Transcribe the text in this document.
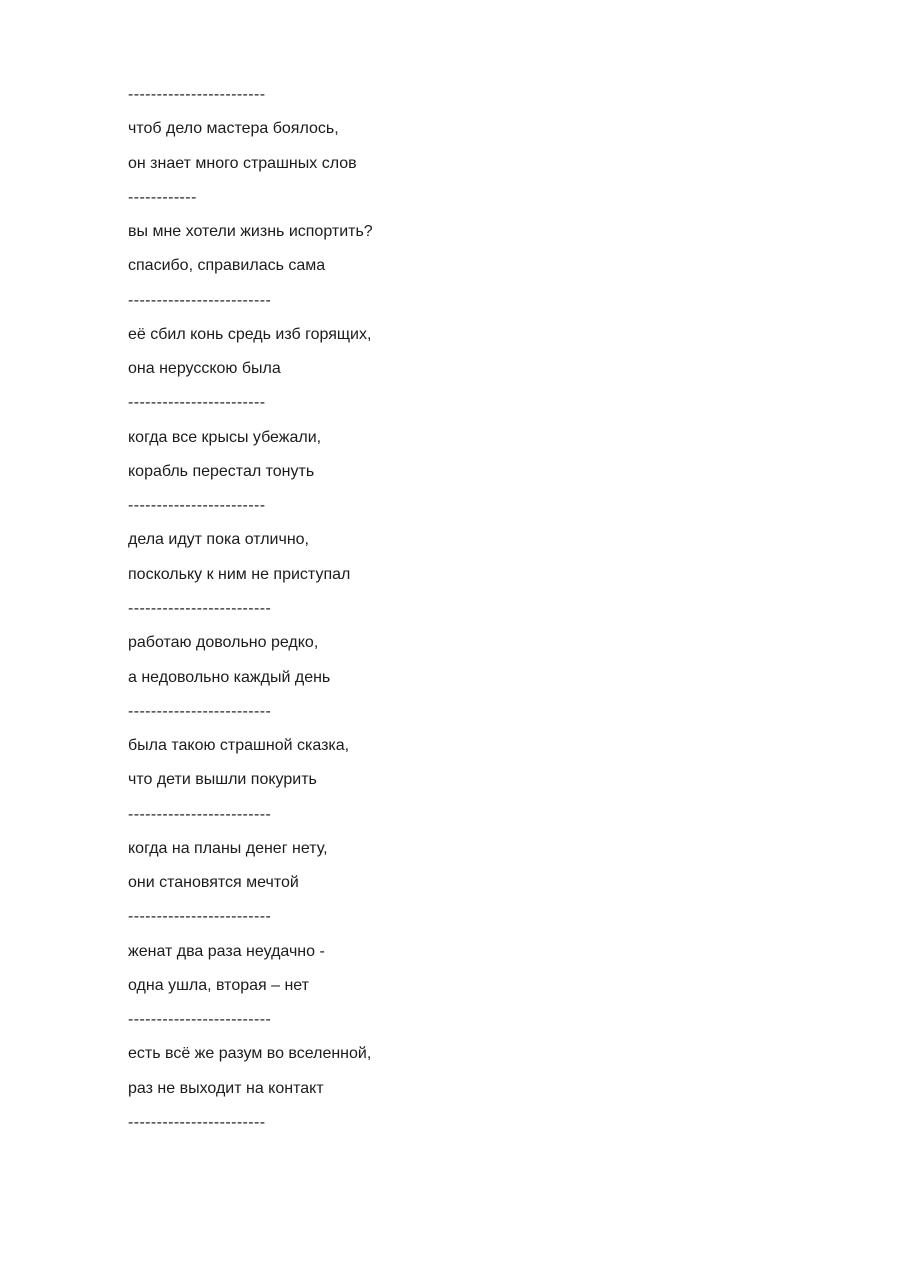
------------------------
чтоб дело мастера боялось,
он знает много страшных слов
------------
вы мне хотели жизнь испортить?
спасибо, справилась сама
-------------------------
её сбил конь средь изб горящих,
она нерусскою была
------------------------
когда все крысы убежали,
корабль перестал тонуть
------------------------
дела идут пока отлично,
поскольку к ним не приступал
-------------------------
работаю довольно редко,
а недовольно каждый день
-------------------------
была такою страшной сказка,
что дети вышли покурить
-------------------------
когда на планы денег нету,
они становятся мечтой
-------------------------
женат два раза неудачно -
одна ушла, вторая – нет
-------------------------
есть всё же разум во вселенной,
раз не выходит на контакт
------------------------
